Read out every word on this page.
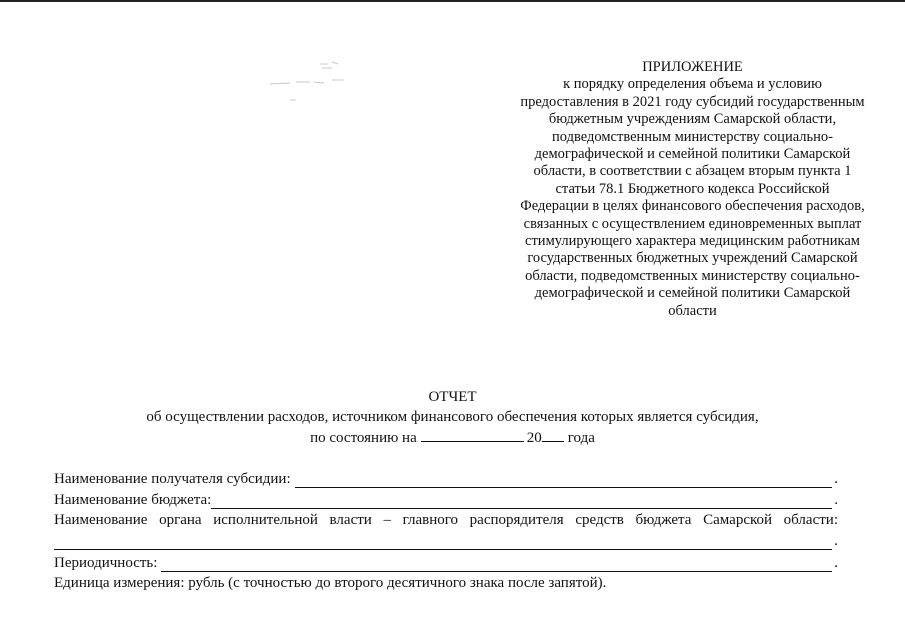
ПРИЛОЖЕНИЕ
к порядку определения объема и условию предоставления в 2021 году субсидий государственным бюджетным учреждениям Самарской области, подведомственным министерству социально-демографической и семейной политики Самарской области, в соответствии с абзацем вторым пункта 1 статьи 78.1 Бюджетного кодекса Российской Федерации в целях финансового обеспечения расходов, связанных с осуществлением единовременных выплат стимулирующего характера медицинским работникам государственных бюджетных учреждений Самарской области, подведомственных министерству социально-демографической и семейной политики Самарской области
ОТЧЕТ
об осуществлении расходов, источником финансового обеспечения которых является субсидия,
по состоянию на	20 года
Наименование получателя субсидии:	.
Наименование бюджета:	.
Наименование органа исполнительной власти – главного распорядителя средств бюджета Самарской области:
.
Периодичность:	.
Единица измерения: рубль (с точностью до второго десятичного знака после запятой).
